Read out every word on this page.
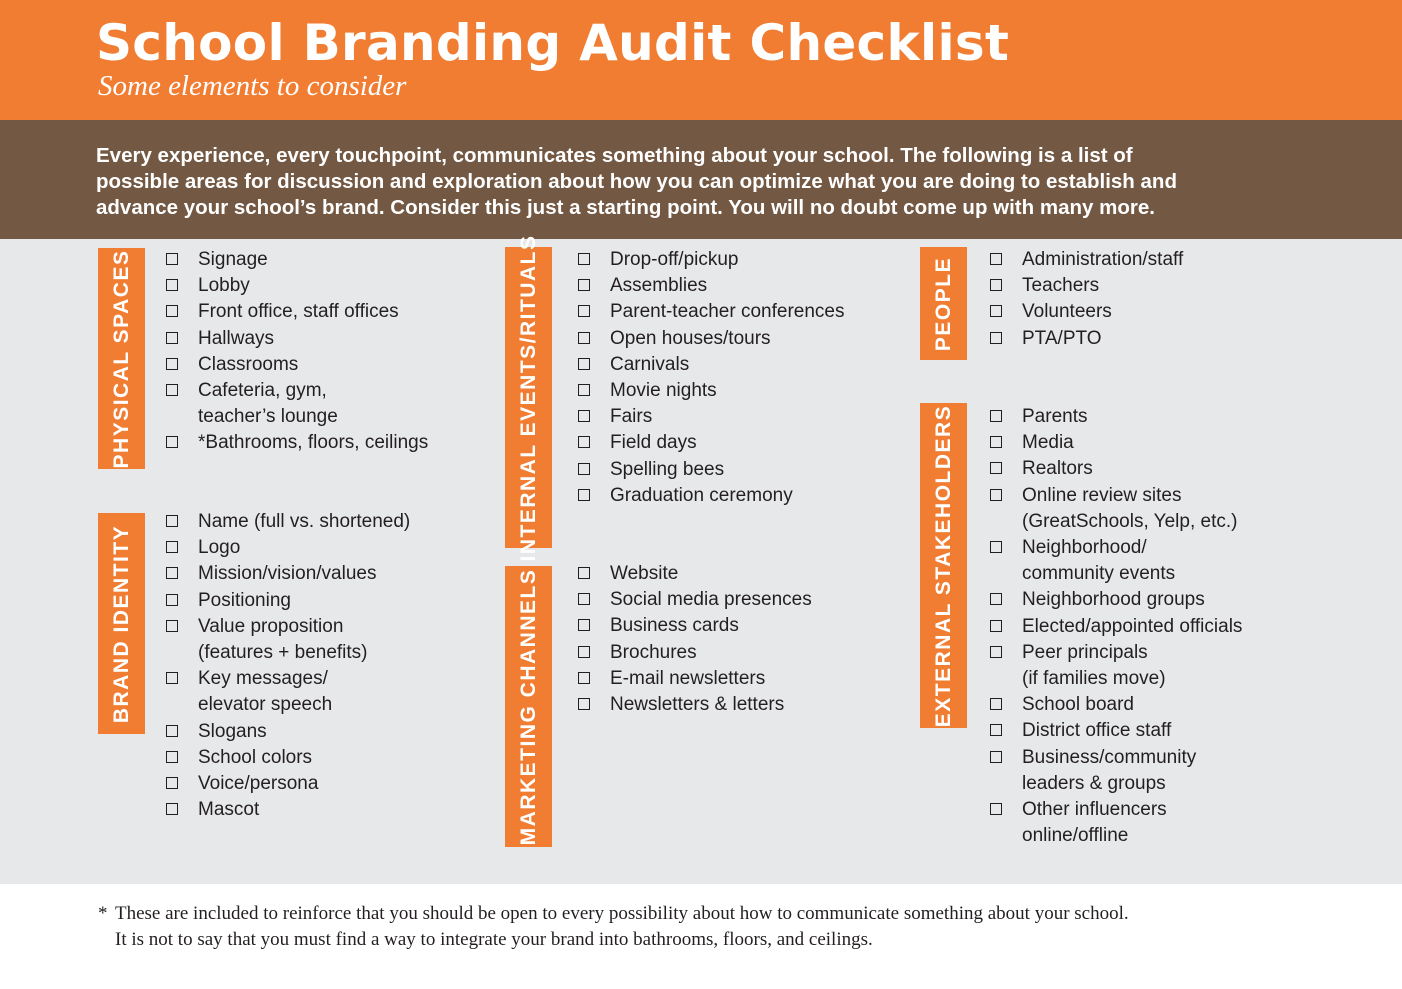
School Branding Audit Checklist
Some elements to consider
Every experience, every touchpoint, communicates something about your school. The following is a list of
possible areas for discussion and exploration about how you can optimize what you are doing to establish and
advance your school’s brand. Consider this just a starting point. You will no doubt come up with many more.
PHYSICAL SPACES	Signage
Lobby
Front office, staff offices
Hallways
Classrooms
Cafeteria, gym,
teacher’s lounge
*Bathrooms, floors, ceilings
BRAND IDENTITY
Name (full vs. shortened)
Logo
Mission/vision/values
Positioning
Value proposition
(features + benefits)
Key messages/
elevator speech
Slogans
School colors
Voice/persona
Mascot
INTERNAL EVENTS/RITUALS	Drop-off/pickup
Assemblies
Parent-teacher conferences
Open houses/tours
Carnivals
Movie nights
Fairs
Field days
Spelling bees
Graduation ceremony
MARKETING CHANNELS	Website
Social media presences
Business cards
Brochures
E-mail newsletters
Newsletters & letters
PEOPLE	Administration/staff
Teachers
Volunteers
PTA/PTO
EXTERNAL STAKEHOLDERS	Parents
Media
Realtors
Online review sites
(GreatSchools, Yelp, etc.)
Neighborhood/
community events
Neighborhood groups
Elected/appointed officials
Peer principals
(if families move)
School board
District office staff
Business/community
leaders & groups
Other influencers
online/offline
* These are included to reinforce that you should be open to every possibility about how to communicate something about your school.
It is not to say that you must find a way to integrate your brand into bathrooms, floors, and ceilings.
